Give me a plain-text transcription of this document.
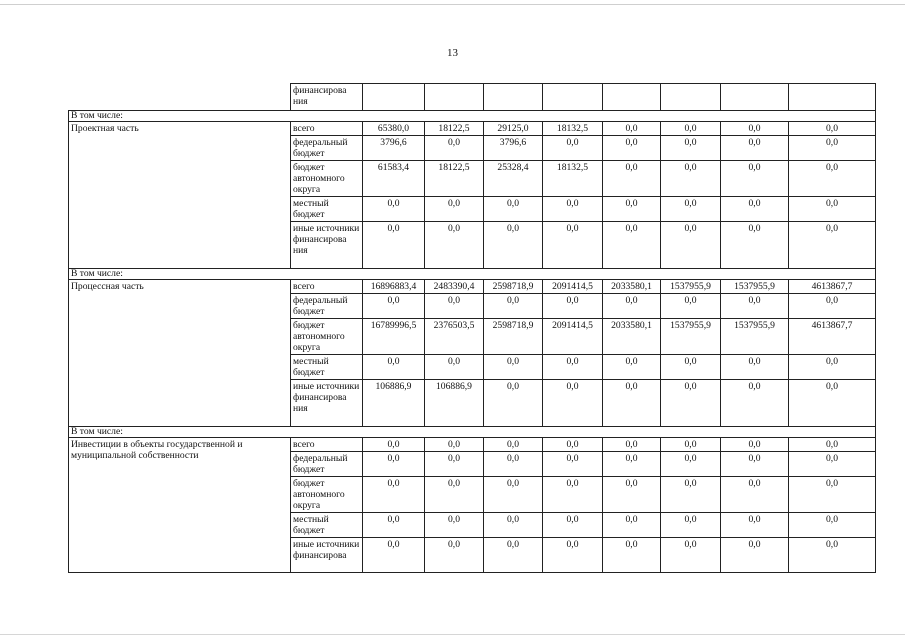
13
	финансирова ния								
В том числе:									
Проектная часть	всего	65380,0	18122,5	29125,0	18132,5	0,0	0,0	0,0	0,0
	федеральный бюджет	3796,6	0,0	3796,6	0,0	0,0	0,0	0,0	0,0
	бюджет автономного округа	61583,4	18122,5	25328,4	18132,5	0,0	0,0	0,0	0,0
	местный бюджет	0,0	0,0	0,0	0,0	0,0	0,0	0,0	0,0
	иные источники финансирова ния	0,0	0,0	0,0	0,0	0,0	0,0	0,0	0,0
В том числе:									
Процессная часть	всего	16896883,4	2483390,4	2598718,9	2091414,5	2033580,1	1537955,9	1537955,9	4613867,7
	федеральный бюджет	0,0	0,0	0,0	0,0	0,0	0,0	0,0	0,0
	бюджет автономного округа	16789996,5	2376503,5	2598718,9	2091414,5	2033580,1	1537955,9	1537955,9	4613867,7
	местный бюджет	0,0	0,0	0,0	0,0	0,0	0,0	0,0	0,0
	иные источники финансирова ния	106886,9	106886,9	0,0	0,0	0,0	0,0	0,0	0,0
В том числе:									
Инвестиции в объекты государственной и муниципальной собственности	всего	0,0	0,0	0,0	0,0	0,0	0,0	0,0	0,0
	федеральный бюджет	0,0	0,0	0,0	0,0	0,0	0,0	0,0	0,0
	бюджет автономного округа	0,0	0,0	0,0	0,0	0,0	0,0	0,0	0,0
	местный бюджет	0,0	0,0	0,0	0,0	0,0	0,0	0,0	0,0
	иные источники финансирова	0,0	0,0	0,0	0,0	0,0	0,0	0,0	0,0
